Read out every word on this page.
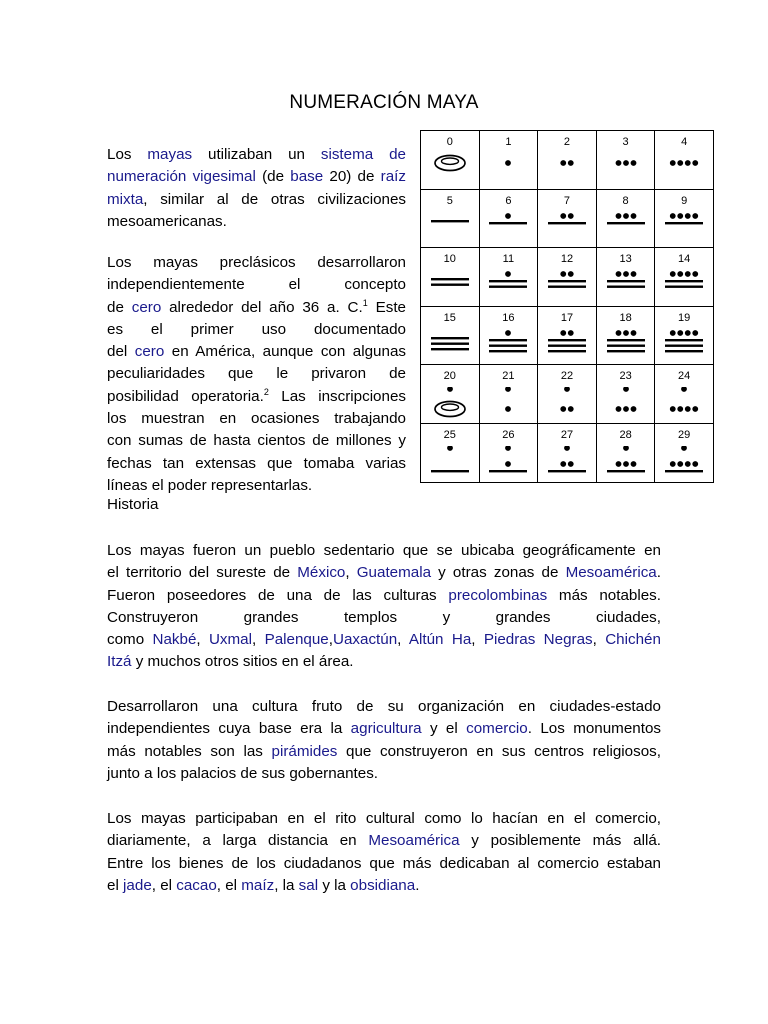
NUMERACIÓN MAYA
Los mayas utilizaban un sistema de
numeración vigesimal (de base 20) de raíz
mixta, similar al de otras civilizaciones
mesoamericanas.
Los mayas preclásicos desarrollaron
independientemente el concepto
de cero alrededor del año 36 a. C.$^1$ Este
es el primer uso documentado
del cero en América, aunque con algunas
peculiaridades que le privaron de
posibilidad operatoria.$^2$ Las inscripciones
los muestran en ocasiones trabajando
con sumas de hasta cientos de millones y
fechas tan extensas que tomaba varias
líneas el poder representarlas.
Historia
Los mayas fueron un pueblo sedentario que se ubicaba geográficamente en
el territorio del sureste de México, Guatemala y otras zonas de Mesoamérica.
Fueron poseedores de una de las culturas precolombinas más notables.
Construyeron grandes templos y grandes ciudades,
como Nakbé, Uxmal, Palenque,Uaxactún, Altún Ha, Piedras Negras, Chichén
Itzá y muchos otros sitios en el área.
Desarrollaron una cultura fruto de su organización en ciudades-estado
independientes cuya base era la agricultura y el comercio. Los monumentos
más notables son las pirámides que construyeron en sus centros religiosos,
junto a los palacios de sus gobernantes.
Los mayas participaban en el rito cultural como lo hacían en el comercio,
diariamente, a larga distancia en Mesoamérica y posiblemente más allá.
Entre los bienes de los ciudadanos que más dedicaban al comercio estaban
el jade, el cacao, el maíz, la sal y la obsidiana.
0	1	2	3	4

5	6	7	8	9

10	11	12	13	14

15	16	17	18	19

20	21	22	23	24

25	26	27	28	29
